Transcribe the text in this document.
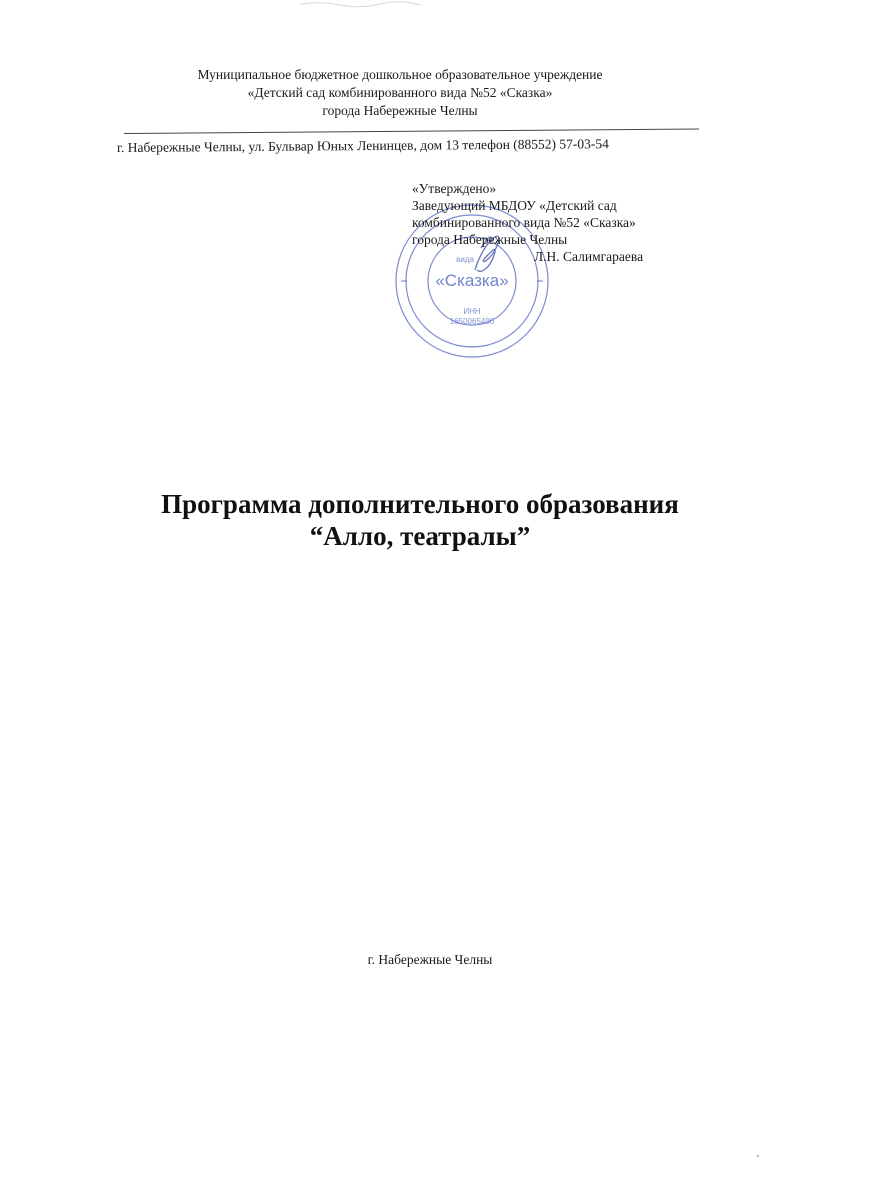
Муниципальное бюджетное дошкольное образовательное учреждение
«Детский сад комбинированного вида №52 «Сказка»
города Набережные Челны
г. Набережные Челны, ул. Бульвар Юных Ленинцев, дом 13 телефон (88552) 57-03-54
вида
«Сказка»
ИНН
1650065490
«Утверждено»
Заведующий МБДОУ «Детский сад
комбинированного вида №52 «Сказка»
города Набережные Челны
Л.Н. Салимгараева
Программа дополнительного образования
“Алло, театралы”
г. Набережные Челны
